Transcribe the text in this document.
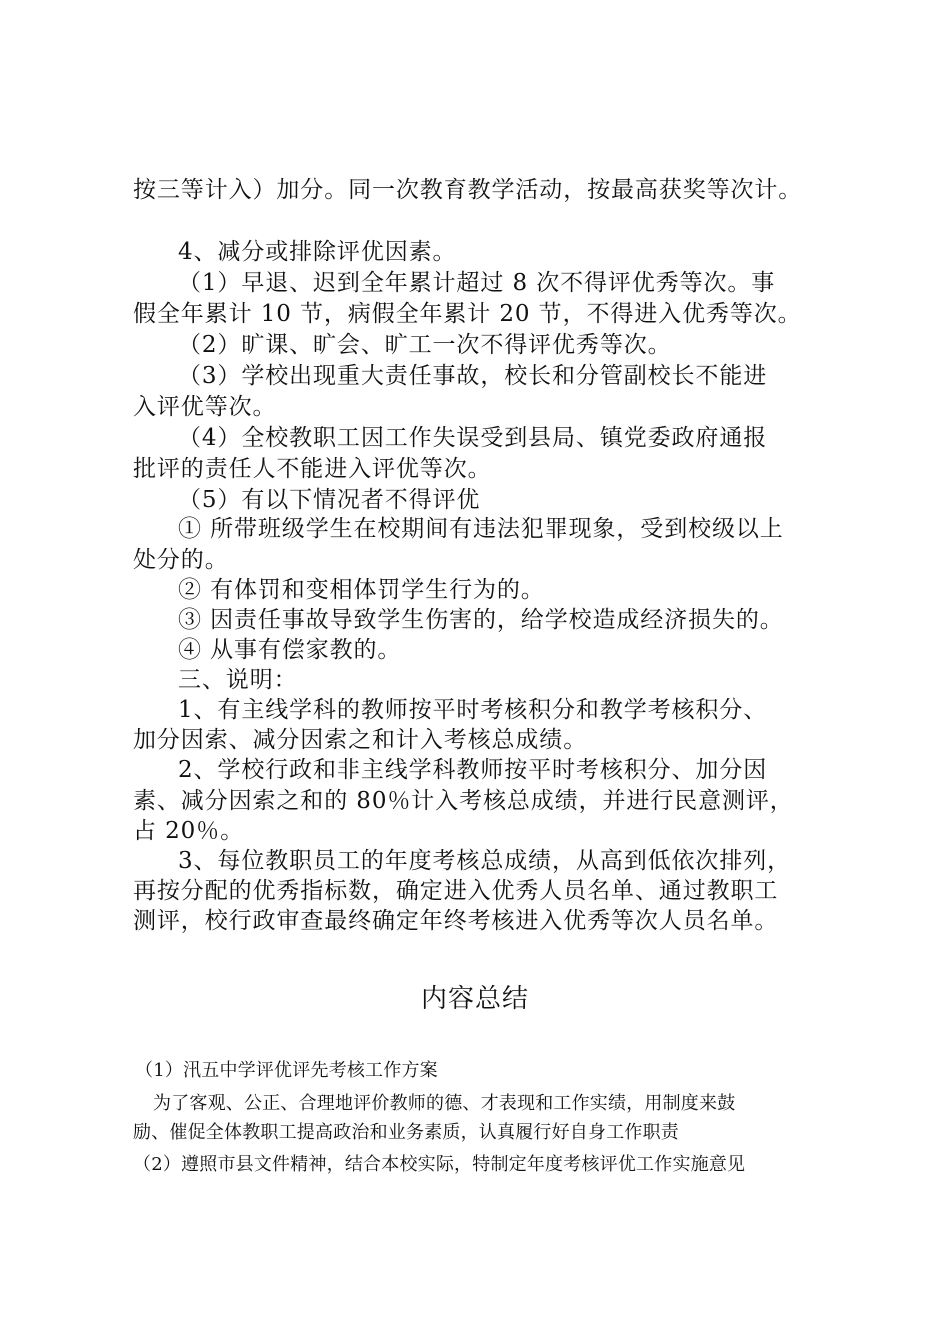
按三等计入）加分。同一次教育教学活动，按最高获奖等次计。

4、减分或排除评优因素。

（1）早退、迟到全年累计超过 8 次不得评优秀等次。事

假全年累计 10 节，病假全年累计 20 节，不得进入优秀等次。

（2）旷课、旷会、旷工一次不得评优秀等次。

（3）学校出现重大责任事故，校长和分管副校长不能进

入评优等次。

（4）全校教职工因工作失误受到县局、镇党委政府通报

批评的责任人不能进入评优等次。

（5）有以下情况者不得评优

① 所带班级学生在校期间有违法犯罪现象，受到校级以上

处分的。

② 有体罚和变相体罚学生行为的。

③ 因责任事故导致学生伤害的，给学校造成经济损失的。

④ 从事有偿家教的。

三、说明：

1、有主线学科的教师按平时考核积分和教学考核积分、

加分因索、减分因索之和计入考核总成绩。

2、学校行政和非主线学科教师按平时考核积分、加分因

素、减分因索之和的 80％计入考核总成绩，并进行民意测评，

占 20％。

3、每位教职员工的年度考核总成绩，从高到低依次排列，

再按分配的优秀指标数，确定进入优秀人员名单、通过教职工

测评，校行政审查最终确定年终考核进入优秀等次人员名单。

内容总结

（1）汛五中学评优评先考核工作方案

为了客观、公正、合理地评价教师的德、才表现和工作实绩，用制度来鼓

励、催促全体教职工提高政治和业务素质，认真履行好自身工作职责

（2）遵照市县文件精神，结合本校实际，特制定年度考核评优工作实施意见
